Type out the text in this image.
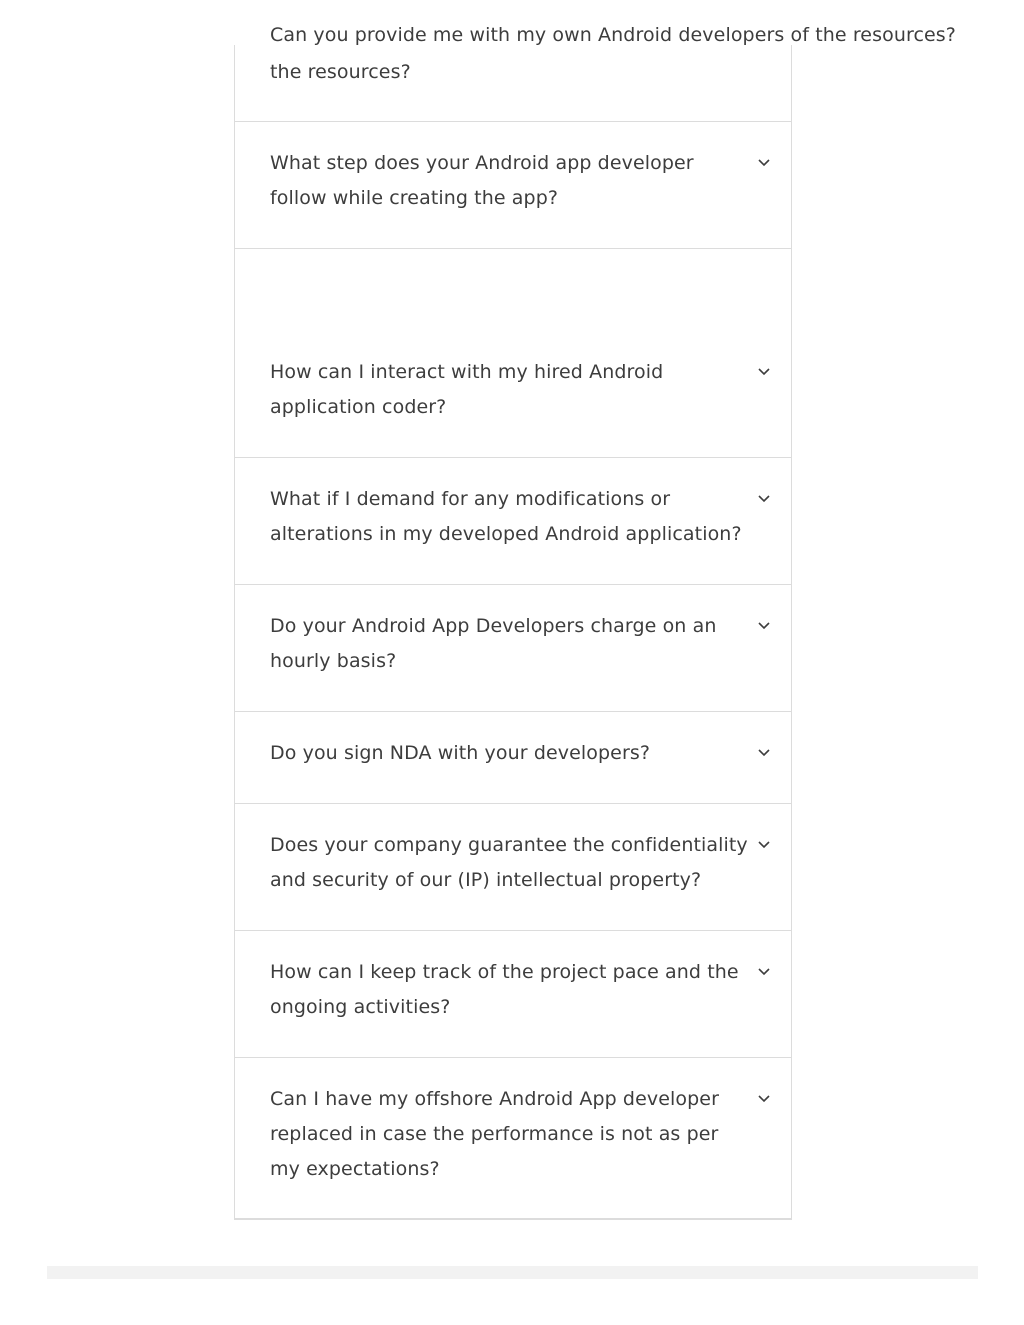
Can you provide me with my own Android developers of the resources?
the resources?
What step does your Android app developer follow while creating the app?
How can I interact with my hired Android application coder?
What if I demand for any modifications or alterations in my developed Android application?
Do your Android App Developers charge on an hourly basis?
Do you sign NDA with your developers?
Does your company guarantee the confidentiality and security of our (IP) intellectual property?
How can I keep track of the project pace and the ongoing activities?
Can I have my offshore Android App developer replaced in case the performance is not as per my expectations?
